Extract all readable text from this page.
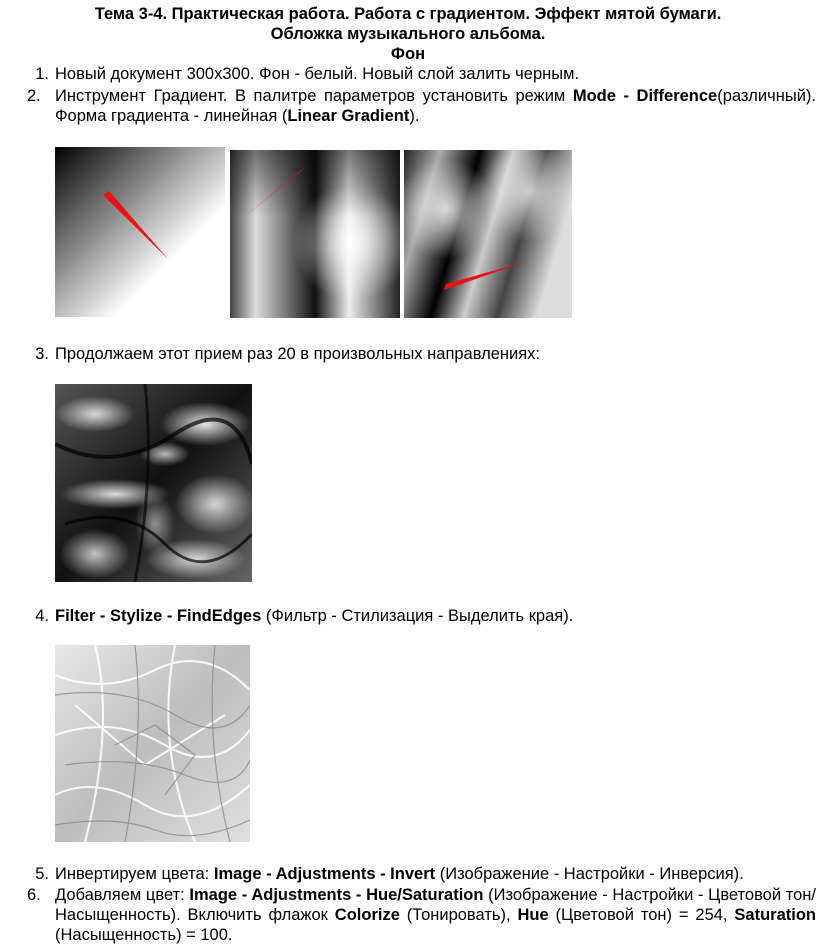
Тема 3-4. Практическая работа. Работа с градиентом. Эффект мятой бумаги.
Обложка музыкального альбома.
Фон
1. Новый документ 300x300. Фон - белый. Новый слой залить черным.
2. Инструмент Градиент. В палитре параметров установить режим Mode - Difference(различный). Форма градиента - линейная (Linear Gradient).
3. Продолжаем этот прием раз 20 в произвольных направлениях:
4. Filter - Stylize - FindEdges (Фильтр - Стилизация - Выделить края).
5. Инвертируем цвета: Image - Adjustments - Invert (Изображение - Настройки - Инверсия).
6. Добавляем цвет: Image - Adjustments - Hue/Saturation (Изображение - Настройки - Цветовой тон/Насыщенность). Включить флажок Colorize (Тонировать), Hue (Цветовой тон) = 254, Saturation (Насыщенность) = 100.
